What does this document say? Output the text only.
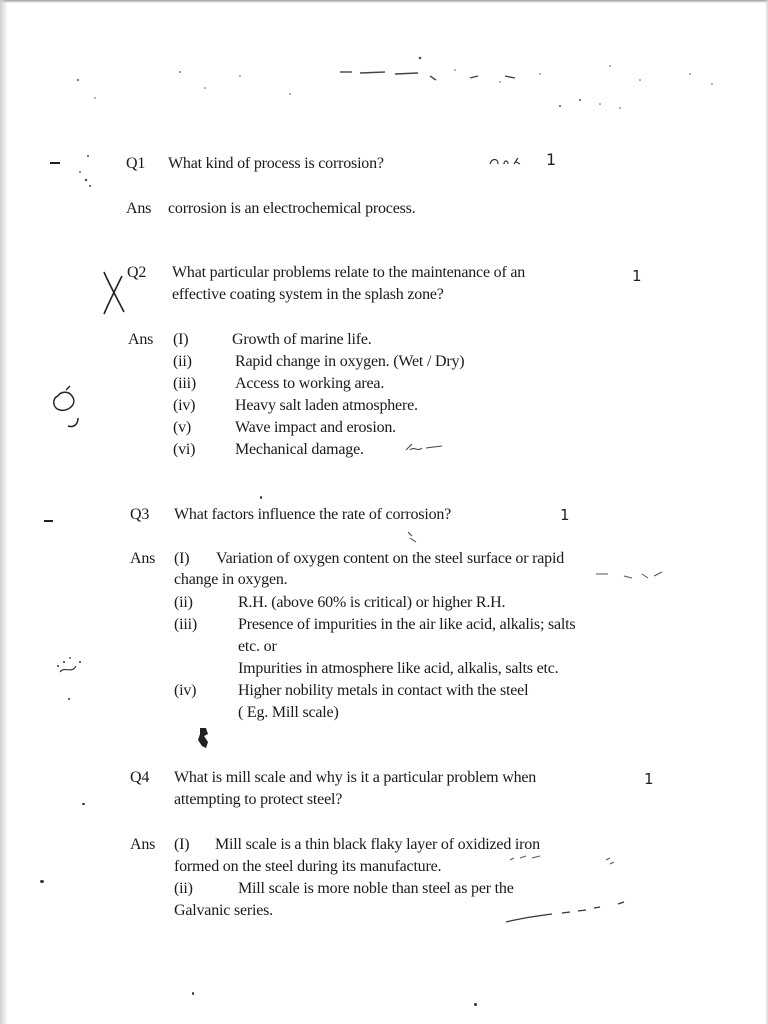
Q1 What kind of process is corrosion?	1
Ans corrosion is an electrochemical process.
Q2 What particular problems relate to the maintenance of an
effective coating system in the splash zone?
1
Ans (I)	Growth of marine life.
(ii)	Rapid change in oxygen. (Wet / Dry)
(iii) Access to working area.
(iv) Heavy salt laden atmosphere.
(v)	Wave impact and erosion.
(vi) Mechanical damage.
Q3 What factors influence the rate of corrosion?	1
Ans (I) Variation of oxygen content on the steel surface or rapid
change in oxygen.
(ii)	R.H. (above 60% is critical) or higher R.H.
(iii)	Presence of impurities in the air like acid, alkalis; salts
etc. or
Impurities in atmosphere like acid, alkalis, salts etc.
(iv)	Higher nobility metals in contact with the steel
( Eg. Mill scale)
Q4 What is mill scale and why is it a particular problem when
attempting to protect steel?
1
Ans (I) Mill scale is a thin black flaky layer of oxidized iron
formed on the steel during its manufacture.
(ii)	Mill scale is more noble than steel as per the
Galvanic series.
